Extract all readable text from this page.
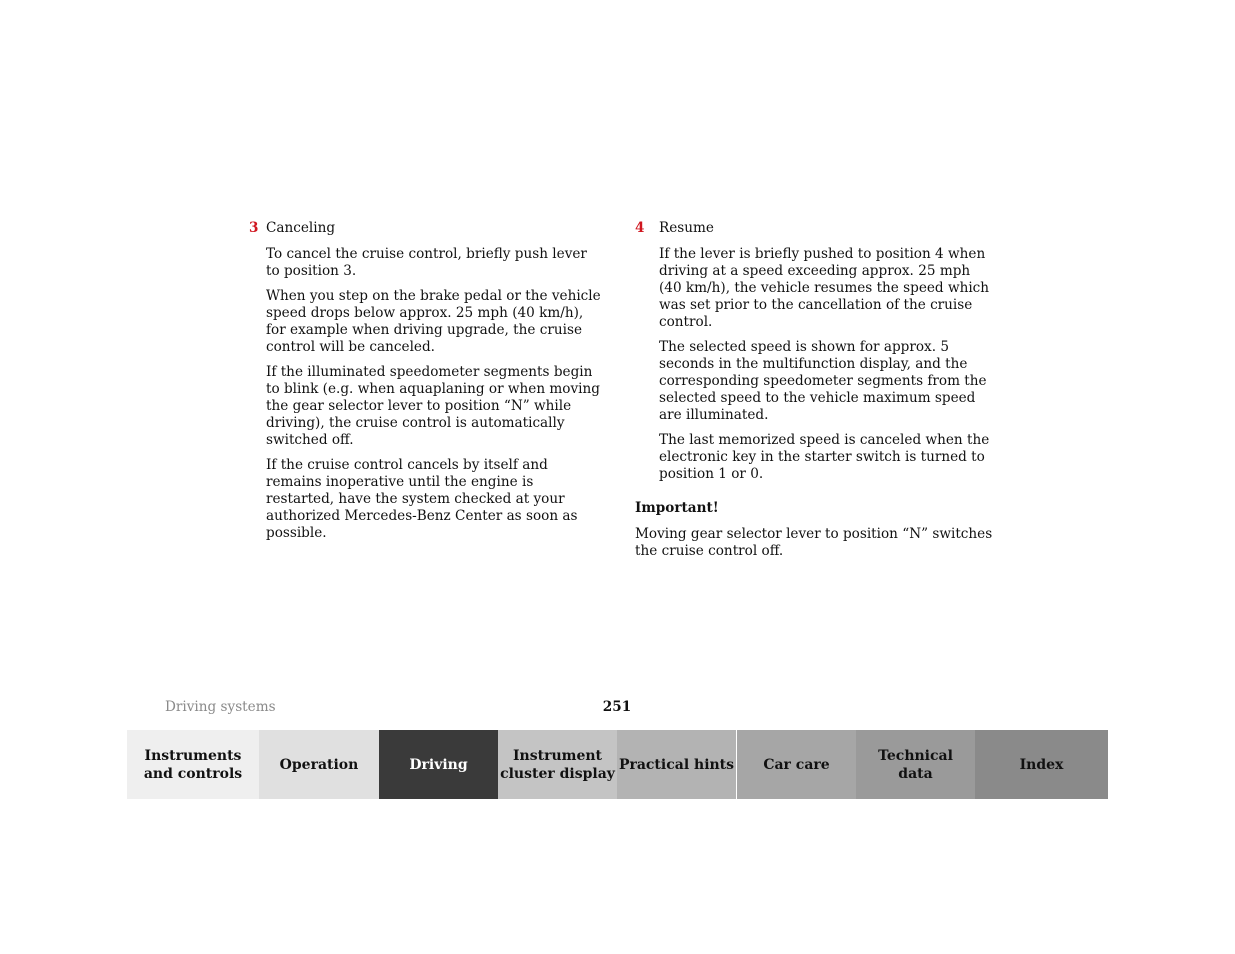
3 Canceling

To cancel the cruise control, briefly push lever to position 3.

When you step on the brake pedal or the vehicle speed drops below approx. 25 mph (40 km/h), for example when driving upgrade, the cruise control will be canceled.

If the illuminated speedometer segments begin to blink (e.g. when aquaplaning or when moving the gear selector lever to position “N” while driving), the cruise control is automatically switched off.

If the cruise control cancels by itself and remains inoperative until the engine is restarted, have the system checked at your authorized Mercedes-Benz Center as soon as possible.

4 Resume

If the lever is briefly pushed to position 4 when driving at a speed exceeding approx. 25 mph (40 km/h), the vehicle resumes the speed which was set prior to the cancellation of the cruise control.

The selected speed is shown for approx. 5 seconds in the multifunction display, and the corresponding speedometer segments from the selected speed to the vehicle maximum speed are illuminated.

The last memorized speed is canceled when the electronic key in the starter switch is turned to position 1 or 0.

Important!

Moving gear selector lever to position “N” switches the cruise control off.

Driving systems	251
Instruments
and controls
Operation	Driving
Instrument
cluster display
Practical hints Car care
Technical
data
Index
